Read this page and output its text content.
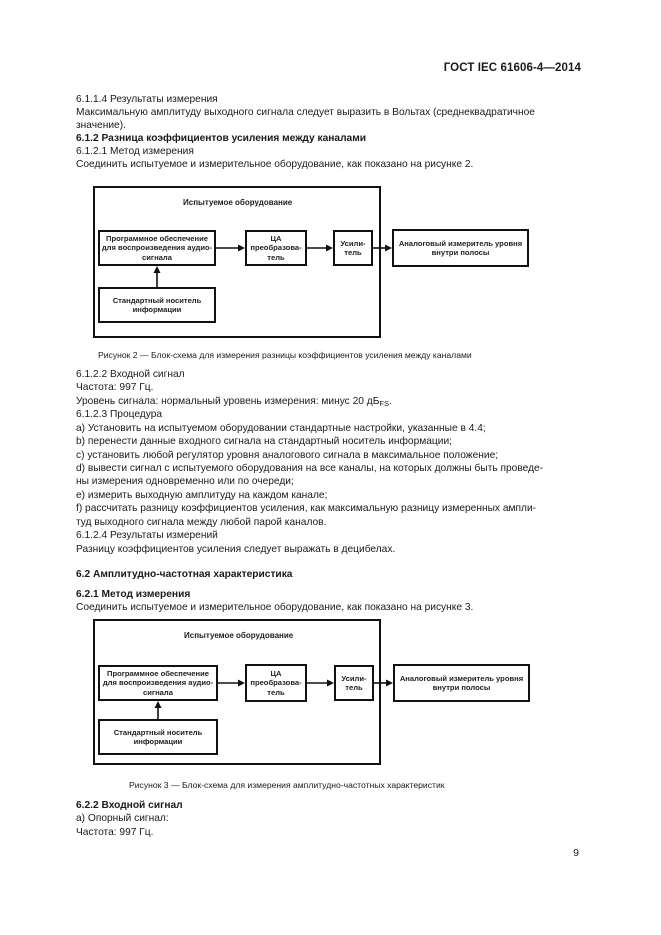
ГОСТ IEC 61606-4—2014
6.1.1.4 Результаты измерения
Максимальную амплитуду выходного сигнала следует выразить в Вольтах (среднеквадратичное
значение).
6.1.2 Разница коэффициентов усиления между каналами
6.1.2.1 Метод измерения
Соединить испытуемое и измерительное оборудование, как показано на рисунке 2.
Испытуемое оборудование
Программное обеспечение для воспроизведения аудио-сигнала
ЦА преобразова-тель
Усили-тель
Аналоговый измеритель уровня внутри полосы
Стандартный носитель информации
Рисунок 2 — Блок-схема для измерения разницы коэффициентов усиления между каналами
6.1.2.2 Входной сигнал
Частота: 997 Гц.
Уровень сигнала: нормальный уровень измерения: минус 20 $дБ_{FS}$.
6.1.2.3 Процедура
а) Установить на испытуемом оборудовании стандартные настройки, указанные в 4.4;
b) перенести данные входного сигнала на стандартный носитель информации;
с) установить любой регулятор уровня аналогового сигнала в максимальное положение;
d) вывести сигнал с испытуемого оборудования на все каналы, на которых должны быть проведе-
ны измерения одновременно или по очереди;
е) измерить выходную амплитуду на каждом канале;
f) рассчитать разницу коэффициентов усиления, как максимальную разницу измеренных ампли-
туд выходного сигнала между любой парой каналов.
6.1.2.4 Результаты измерений
Разницу коэффициентов усиления следует выражать в децибелах.
6.2 Амплитудно-частотная характеристика
6.2.1 Метод измерения
Соединить испытуемое и измерительное оборудование, как показано на рисунке 3.
Испытуемое оборудование
Программное обеспечение для воспроизведения аудио-сигнала
ЦА преобразова-тель
Усили-тель
Аналоговый измеритель уровня внутри полосы
Стандартный носитель информации
Рисунок 3 — Блок-схема для измерения амплитудно-частотных характеристик
6.2.2 Входной сигнал
а) Опорный сигнал:
Частота: 997 Гц.
9
